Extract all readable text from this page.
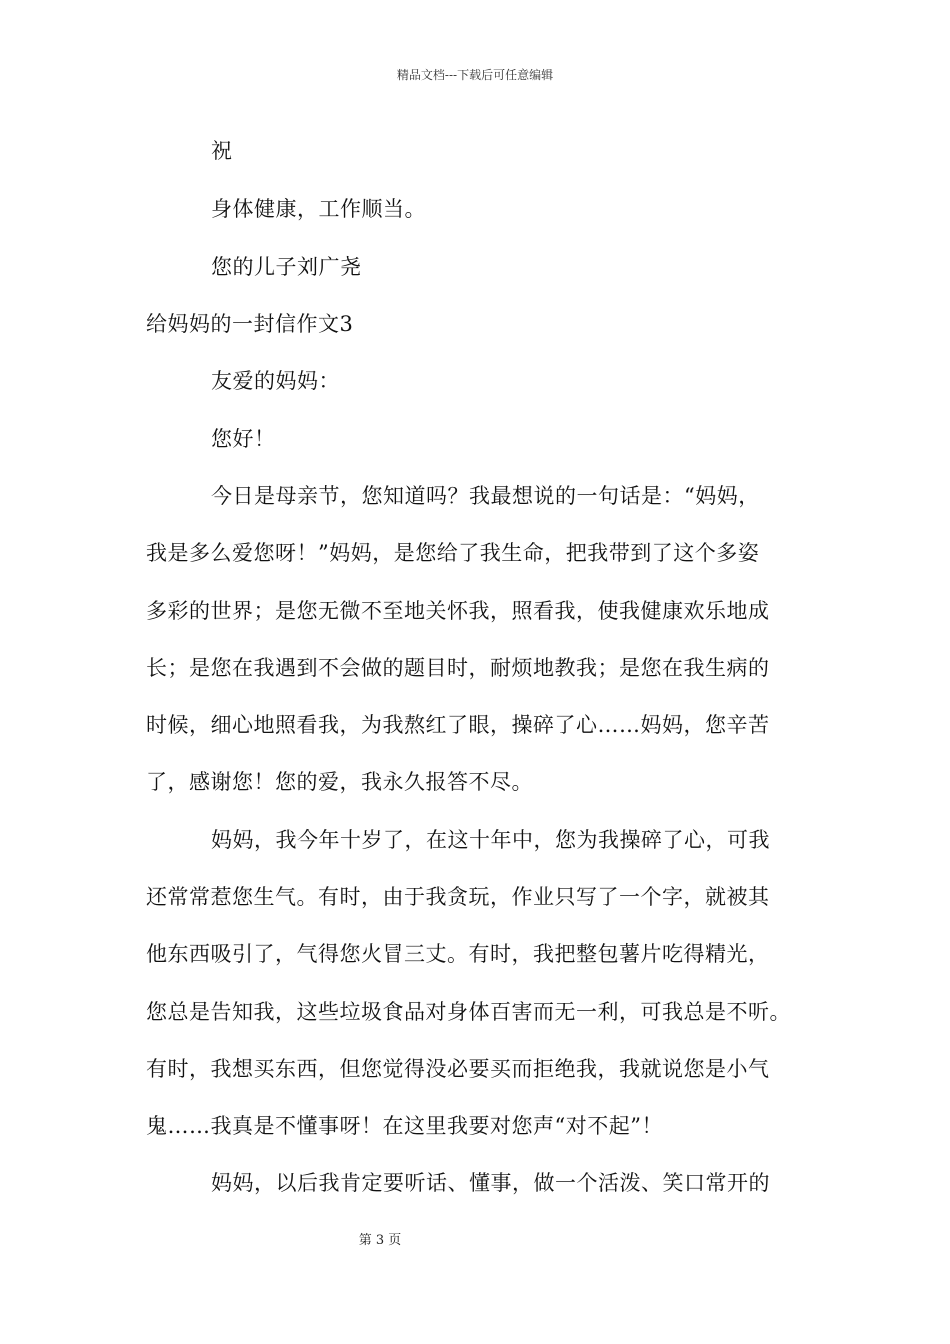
精品文档---下载后可任意编辑
祝
身体健康，工作顺当。
您的儿子刘广尧
给妈妈的一封信作文3
友爱的妈妈：
您好！
今日是母亲节，您知道吗？我最想说的一句话是：“妈妈，
我是多么爱您呀！”妈妈，是您给了我生命，把我带到了这个多姿
多彩的世界；是您无微不至地关怀我，照看我，使我健康欢乐地成
长；是您在我遇到不会做的题目时，耐烦地教我；是您在我生病的
时候，细心地照看我，为我熬红了眼，操碎了心……妈妈，您辛苦
了，感谢您！您的爱，我永久报答不尽。
妈妈，我今年十岁了，在这十年中，您为我操碎了心，可我
还常常惹您生气。有时，由于我贪玩，作业只写了一个字，就被其
他东西吸引了，气得您火冒三丈。有时，我把整包薯片吃得精光，
您总是告知我，这些垃圾食品对身体百害而无一利，可我总是不听。
有时，我想买东西，但您觉得没必要买而拒绝我，我就说您是小气
鬼……我真是不懂事呀！在这里我要对您声“对不起”！
妈妈，以后我肯定要听话、懂事，做一个活泼、笑口常开的
第 3 页
